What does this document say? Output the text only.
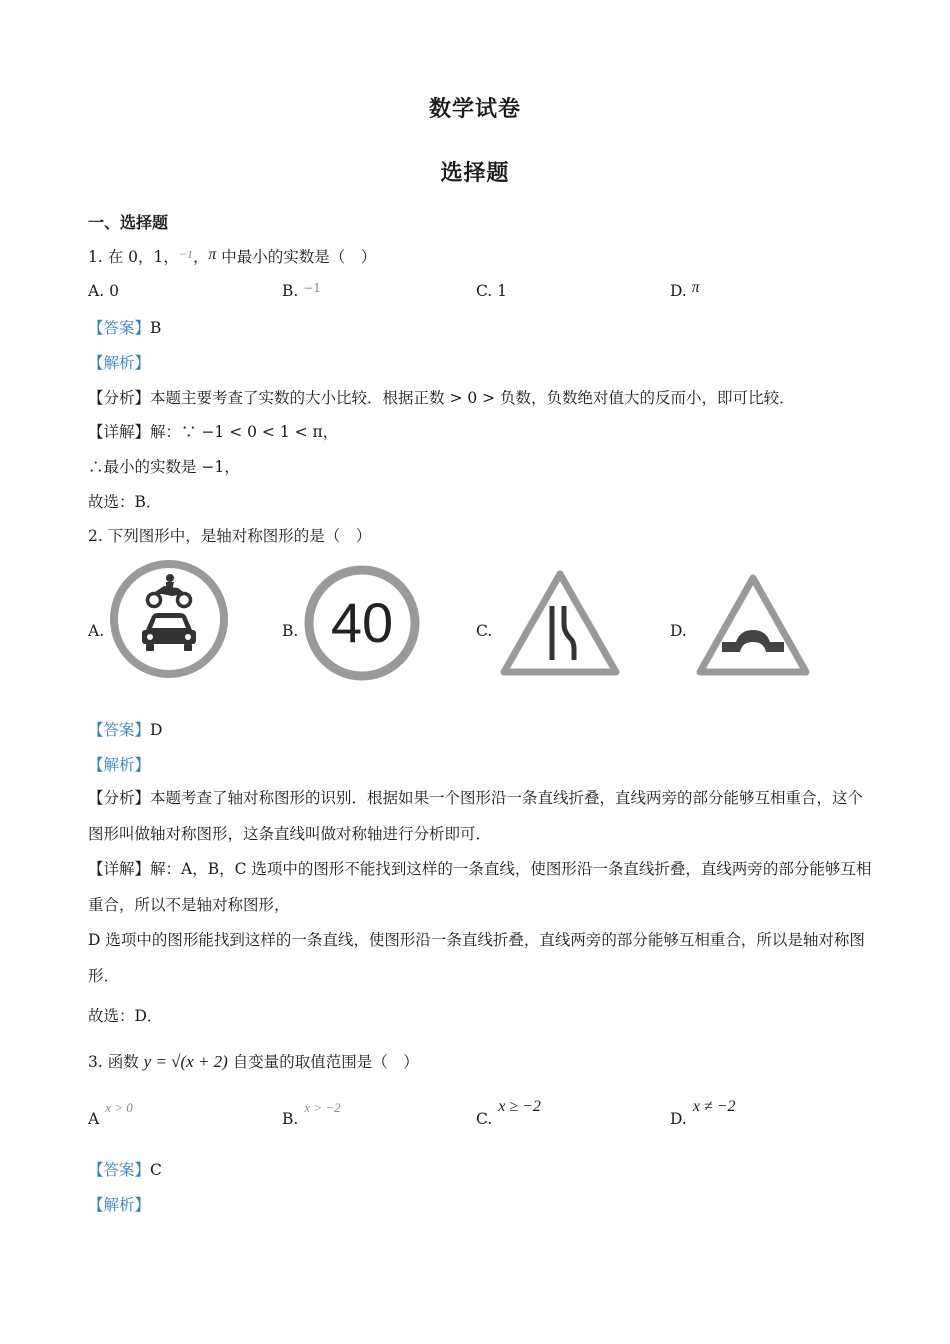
数学试卷
选择题
一、选择题
1. 在 0，1，$^{-1}$，π 中最小的实数是（　）
A. 0	B. $^{-1}$	C. 1	D. π
【答案】B
【解析】
【分析】本题主要考查了实数的大小比较．根据正数 > 0 > 负数，负数绝对值大的反而小，即可比较．
【详解】解：∵ −1 < 0 < 1 < π，
∴最小的实数是 −1，
故选：B．
2. 下列图形中，是轴对称图形的是（　）
A.	B.	C.	D.
40
【答案】D
【解析】
【分析】本题考查了轴对称图形的识别．根据如果一个图形沿一条直线折叠，直线两旁的部分能够互相重合，这个图形叫做轴对称图形，这条直线叫做对称轴进行分析即可．
【详解】解：A，B，C 选项中的图形不能找到这样的一条直线，使图形沿一条直线折叠，直线两旁的部分能够互相重合，所以不是轴对称图形，
D 选项中的图形能找到这样的一条直线，使图形沿一条直线折叠，直线两旁的部分能够互相重合，所以是轴对称图形．
故选：D．
3. 函数 y = √(x + 2) 自变量的取值范围是（　）
$A^{x > 0}$
B.$^{x > -2}$
C.x ≥ −2
D.x ≠ −2
【答案】C
【解析】
